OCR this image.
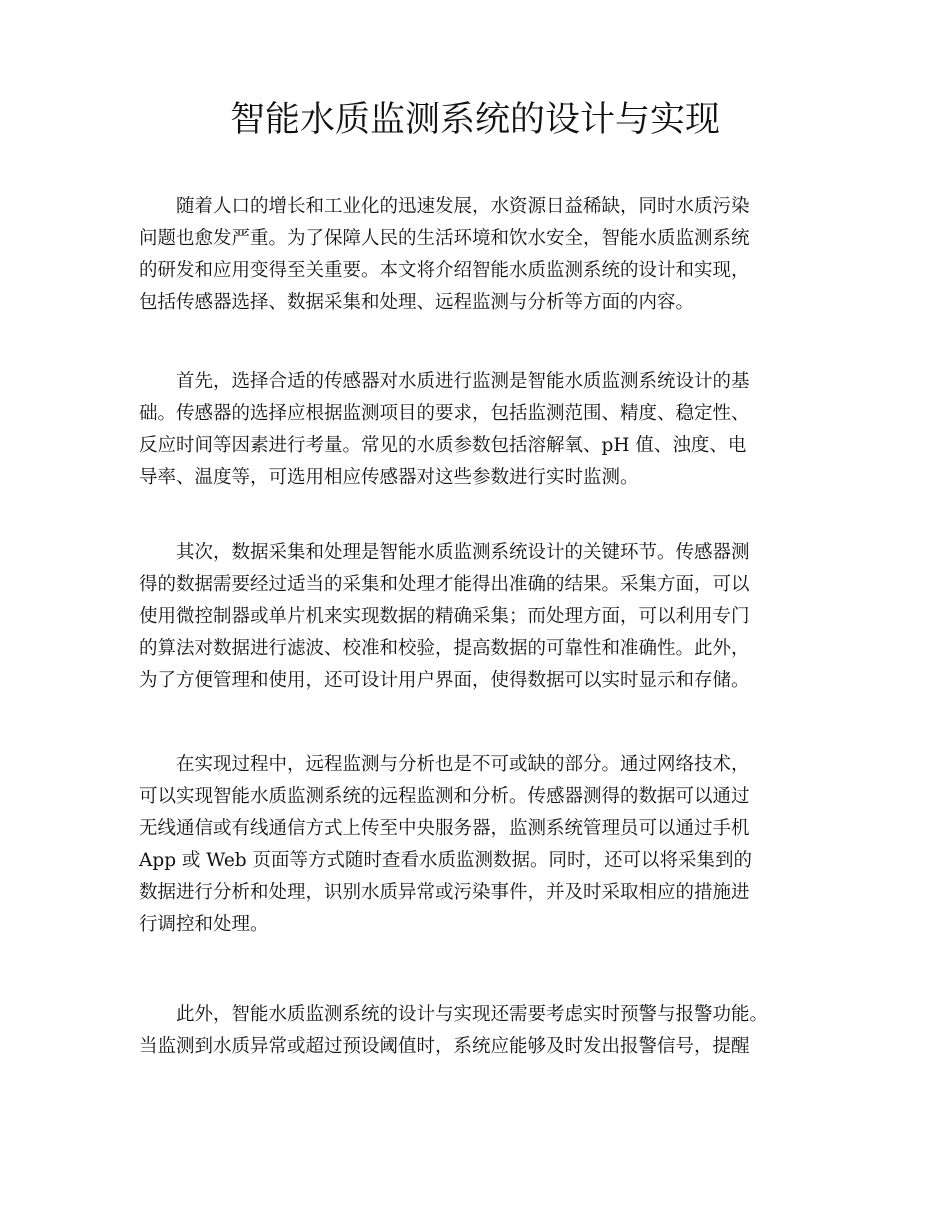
智能水质监测系统的设计与实现
随着人口的增长和工业化的迅速发展，水资源日益稀缺，同时水质污染
问题也愈发严重。为了保障人民的生活环境和饮水安全，智能水质监测系统
的研发和应用变得至关重要。本文将介绍智能水质监测系统的设计和实现，
包括传感器选择、数据采集和处理、远程监测与分析等方面的内容。
首先，选择合适的传感器对水质进行监测是智能水质监测系统设计的基
础。传感器的选择应根据监测项目的要求，包括监测范围、精度、稳定性、
反应时间等因素进行考量。常见的水质参数包括溶解氧、pH 值、浊度、电
导率、温度等，可选用相应传感器对这些参数进行实时监测。
其次，数据采集和处理是智能水质监测系统设计的关键环节。传感器测
得的数据需要经过适当的采集和处理才能得出准确的结果。采集方面，可以
使用微控制器或单片机来实现数据的精确采集；而处理方面，可以利用专门
的算法对数据进行滤波、校准和校验，提高数据的可靠性和准确性。此外，
为了方便管理和使用，还可设计用户界面，使得数据可以实时显示和存储。
在实现过程中，远程监测与分析也是不可或缺的部分。通过网络技术，
可以实现智能水质监测系统的远程监测和分析。传感器测得的数据可以通过
无线通信或有线通信方式上传至中央服务器，监测系统管理员可以通过手机
App 或 Web 页面等方式随时查看水质监测数据。同时，还可以将采集到的
数据进行分析和处理，识别水质异常或污染事件，并及时采取相应的措施进
行调控和处理。
此外，智能水质监测系统的设计与实现还需要考虑实时预警与报警功能。
当监测到水质异常或超过预设阈值时，系统应能够及时发出报警信号，提醒
